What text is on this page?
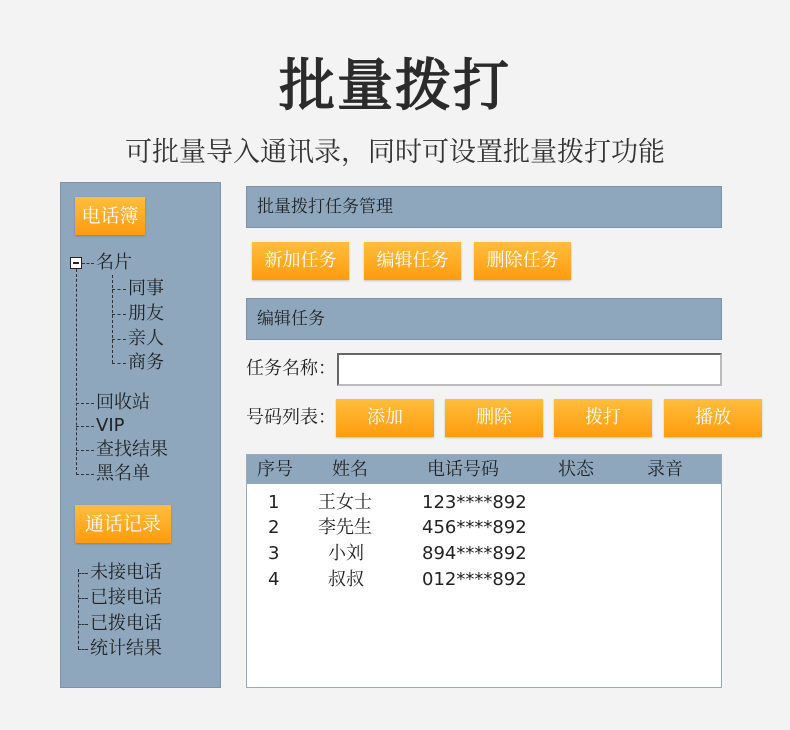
批量拨打
可批量导入通讯录，同时可设置批量拨打功能
电话簿
名片
同事
朋友
亲人
商务
回收站
VIP
查找结果
黑名单
通话记录
未接电话
已接电话
已拨电话
统计结果
批量拨打任务管理
新加任务	编辑任务	删除任务
编辑任务
任务名称：
号码列表：	添加	删除	拨打	播放
序号 姓名	电话号码	状态	录音
1 王女士	123****892
2 李先生	456****892
3	小刘	894****892
4	叔叔	012****892
